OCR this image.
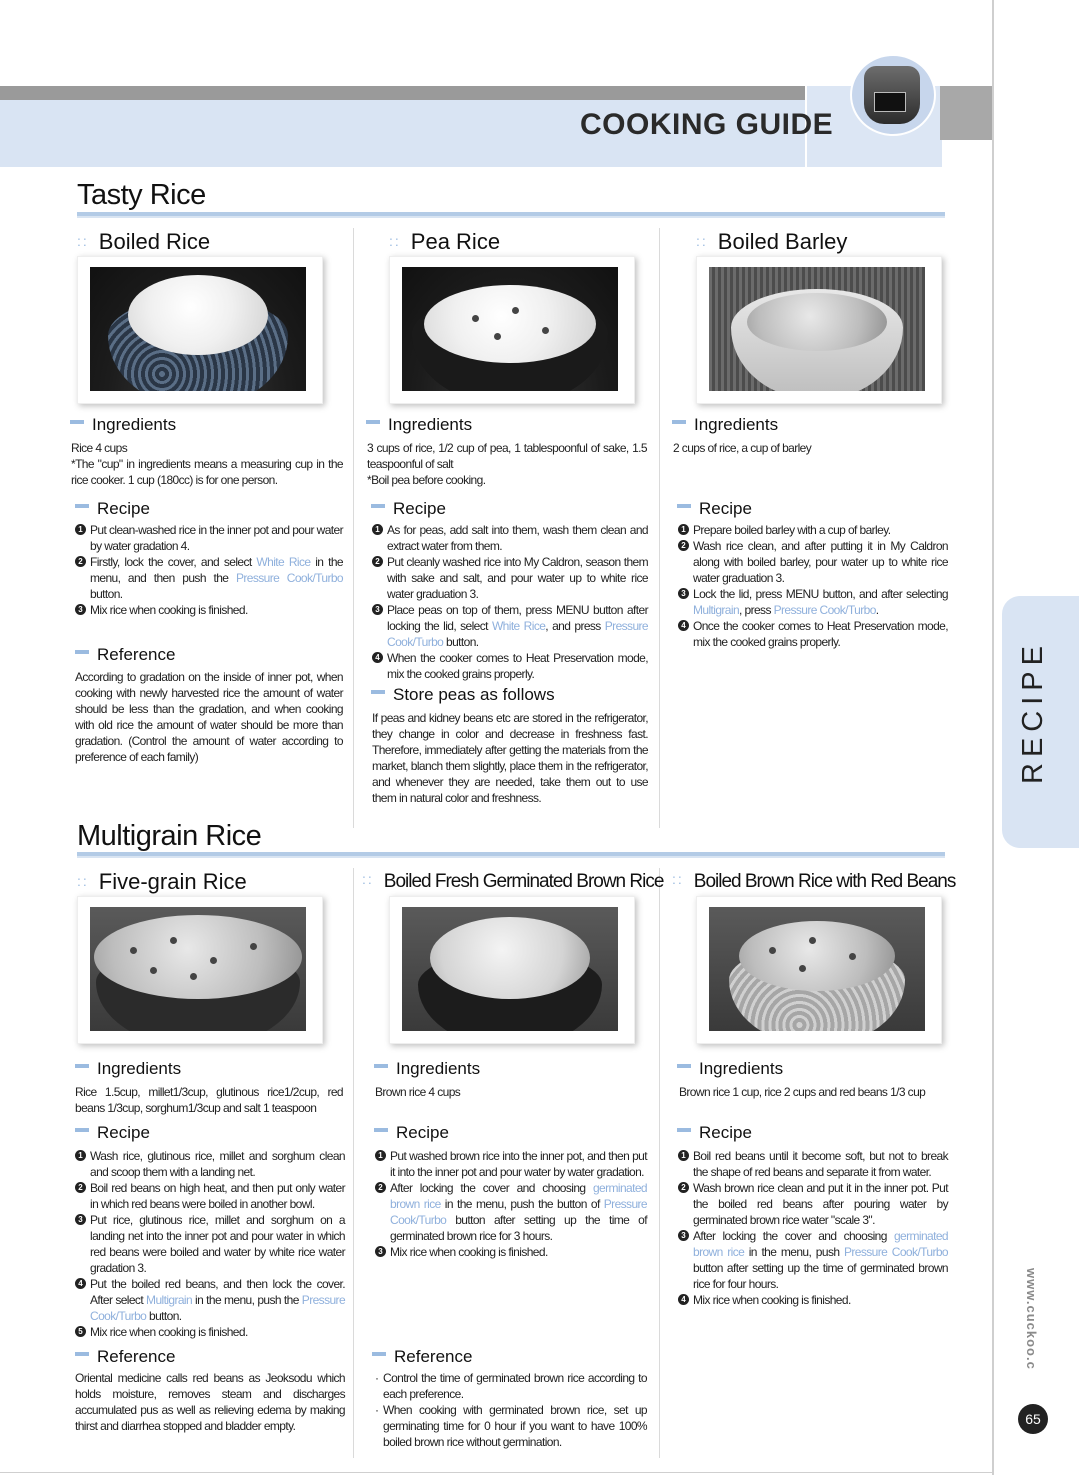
COOKING GUIDE
RECIPE
www.cuckoo.c
65
Tasty Rice
:: Boiled Rice
Ingredients

Rice 4 cups

*The "cup" in ingredients means a measuring cup in the rice cooker. 1 cup (180cc) is for one person.

Recipe
1 Put clean-washed rice in the inner pot and pour water by water gradation 4.
2 Firstly, lock the cover, and select White Rice in the menu, and then push the Pressure Cook/Turbo button.
3 Mix rice when cooking is finished.
Reference
According to gradation on the inside of inner pot, when cooking with newly harvested rice the amount of water should be less than the gradation, and when cooking with old rice the amount of water should be more than gradation. (Control the amount of water according to preference of each family)
:: Pea Rice
Ingredients

3 cups of rice, 1/2 cup of pea, 1 tablespoonful of sake, 1.5 teaspoonful of salt

*Boil pea before cooking.

Recipe
1 As for peas, add salt into them, wash them clean and extract water from them.
2 Put cleanly washed rice into My Caldron, season them with sake and salt, and pour water up to white rice water graduation 3.
3 Place peas on top of them, press MENU button after locking the lid, select White Rice, and press Pressure Cook/Turbo button.
4 When the cooker comes to Heat Preservation mode, mix the cooked grains properly.
Store peas as follows
If peas and kidney beans etc are stored in the refrigerator, they change in color and decrease in freshness fast. Therefore, immediately after getting the materials from the market, blanch them slightly, place them in the refrigerator, and whenever they are needed, take them out to use them in natural color and freshness.
:: Boiled Barley
Ingredients

2 cups of rice, a cup of barley

Recipe
1 Prepare boiled barley with a cup of barley.
2 Wash rice clean, and after putting it in My Caldron along with boiled barley, pour water up to white rice water graduation 3.
3 Lock the lid, press MENU button, and after selecting Multigrain, press Pressure Cook/Turbo.
4 Once the cooker comes to Heat Preservation mode, mix the cooked grains properly.
Multigrain Rice
:: Five-grain Rice
Ingredients

Rice 1.5cup, millet1/3cup, glutinous rice1/2cup, red beans 1/3cup, sorghum1/3cup and salt 1 teaspoon

Recipe
1 Wash rice, glutinous rice, millet and sorghum clean and scoop them with a landing net.
2 Boil red beans on high heat, and then put only water in which red beans were boiled in another bowl.
3 Put rice, glutinous rice, millet and sorghum on a landing net into the inner pot and pour water in which red beans were boiled and water by white rice water gradation 3.
4 Put the boiled red beans, and then lock the cover. After select Multigrain in the menu, push the Pressure Cook/Turbo button.
5 Mix rice when cooking is finished.
Reference
Oriental medicine calls red beans as Jeoksodu which holds moisture, removes steam and discharges accumulated pus as well as relieving edema by making thirst and diarrhea stopped and bladder empty.
:: Boiled Fresh Germinated Brown Rice
Ingredients

Brown rice 4 cups

Recipe
1 Put washed brown rice into the inner pot, and then put it into the inner pot and pour water by water gradation.
2 After locking the cover and choosing germinated brown rice in the menu, push the button of Pressure Cook/Turbo button after setting up the time of germinated brown rice for 3 hours.
3 Mix rice when cooking is finished.
Reference
· Control the time of germinated brown rice according to each preference.
· When cooking with germinated brown rice, set up germinating time for 0 hour if you want to have 100% boiled brown rice without germination.
:: Boiled Brown Rice with Red Beans
Ingredients

Brown rice 1 cup, rice 2 cups and red beans 1/3 cup

Recipe
1 Boil red beans until it become soft, but not to break the shape of red beans and separate it from water.
2 Wash brown rice clean and put it in the inner pot. Put the boiled red beans after pouring water by germinated brown rice water "scale 3".
3 After locking the cover and choosing germinated brown rice in the menu, push Pressure Cook/Turbo button after setting up the time of germinated brown rice for four hours.
4 Mix rice when cooking is finished.
